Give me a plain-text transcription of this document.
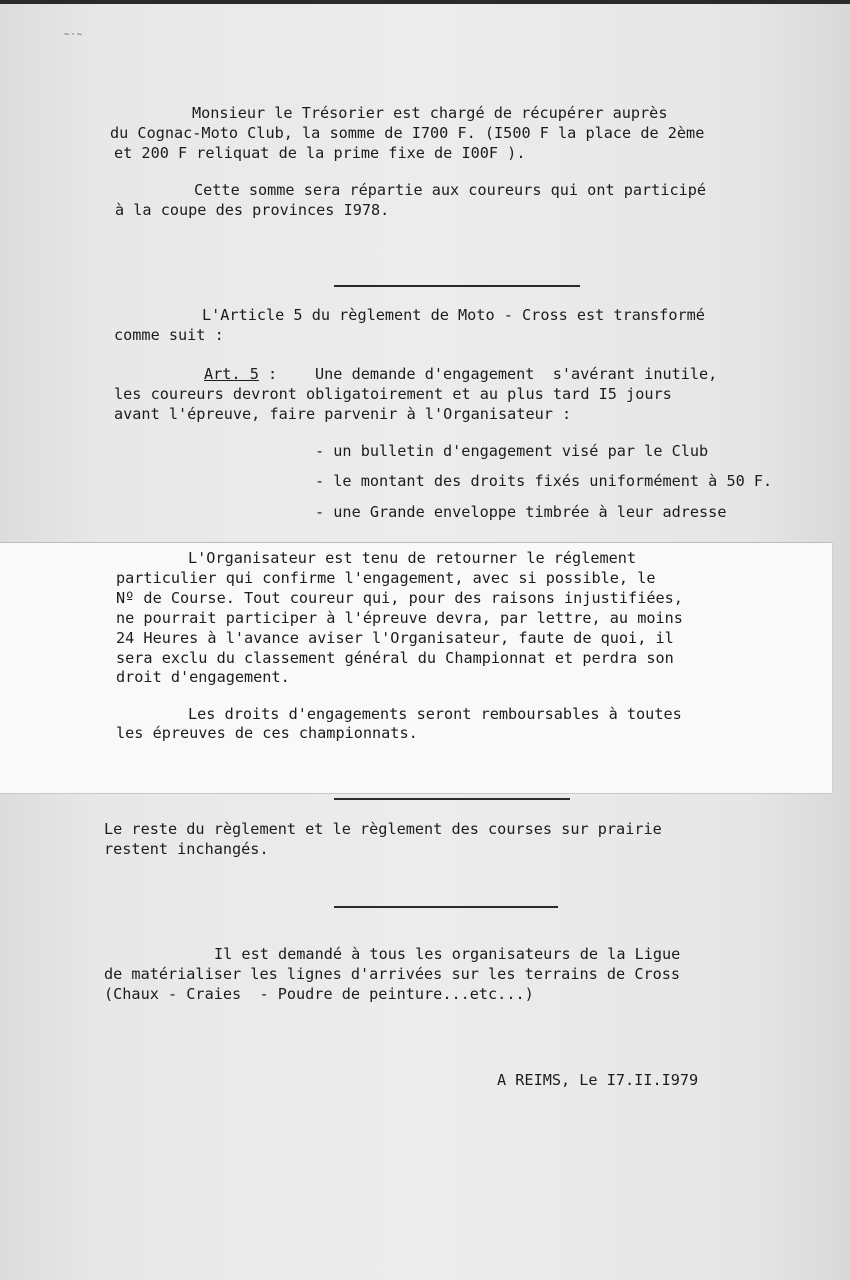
~·~
Monsieur le Trésorier est chargé de récupérer auprès
du Cognac-Moto Club, la somme de I700 F. (I500 F la place de 2ème
et 200 F reliquat de la prime fixe de I00F ).
Cette somme sera répartie aux coureurs qui ont participé
à la coupe des provinces I978.
L'Article 5 du règlement de Moto - Cross est transformé
comme suit :
Art. 5 : Une demande d'engagement  s'avérant inutile,
les coureurs devront obligatoirement et au plus tard I5 jours
avant l'épreuve, faire parvenir à l'Organisateur :
- un bulletin d'engagement visé par le Club
- le montant des droits fixés uniformément à 50 F.
- une Grande enveloppe timbrée à leur adresse
L'Organisateur est tenu de retourner le réglement
particulier qui confirme l'engagement, avec si possible, le
Nº de Course. Tout coureur qui, pour des raisons injustifiées,
ne pourrait participer à l'épreuve devra, par lettre, au moins
24 Heures à l'avance aviser l'Organisateur, faute de quoi, il
sera exclu du classement général du Championnat et perdra son
droit d'engagement.
Les droits d'engagements seront remboursables à toutes
les épreuves de ces championnats.
Le reste du règlement et le règlement des courses sur prairie
restent inchangés.
Il est demandé à tous les organisateurs de la Ligue
de matérialiser les lignes d'arrivées sur les terrains de Cross
(Chaux - Craies  - Poudre de peinture...etc...)
A REIMS, Le I7.II.I979
